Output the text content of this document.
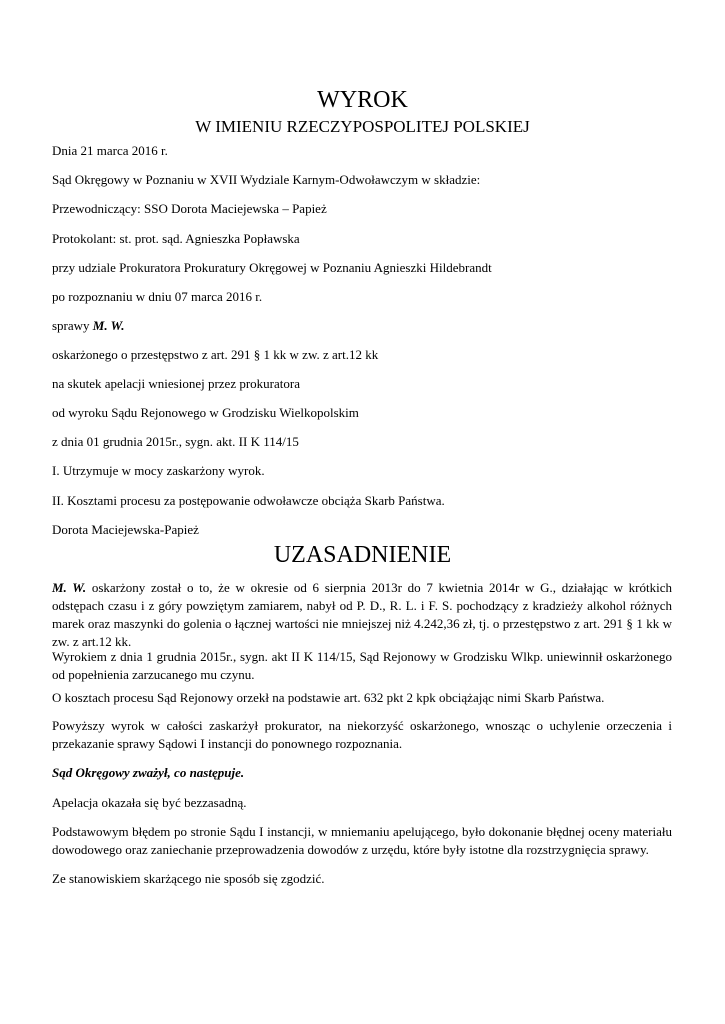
WYROK
W IMIENIU RZECZYPOSPOLITEJ POLSKIEJ
Dnia 21 marca 2016 r.
Sąd Okręgowy w Poznaniu w XVII Wydziale Karnym-Odwoławczym w składzie:
Przewodniczący: SSO Dorota Maciejewska – Papież
Protokolant: st. prot. sąd. Agnieszka Popławska
przy udziale Prokuratora Prokuratury Okręgowej w Poznaniu Agnieszki Hildebrandt
po rozpoznaniu w dniu 07 marca 2016 r.
sprawy M. W.
oskarżonego o przestępstwo z art. 291 § 1 kk w zw. z art.12 kk
na skutek apelacji wniesionej przez prokuratora
od wyroku Sądu Rejonowego w Grodzisku Wielkopolskim
z dnia 01 grudnia 2015r., sygn. akt. II K 114/15
I. Utrzymuje w mocy zaskarżony wyrok.
II. Kosztami procesu za postępowanie odwoławcze obciąża Skarb Państwa.
Dorota Maciejewska-Papież
UZASADNIENIE
M. W. oskarżony został o to, że w okresie od 6 sierpnia 2013r do 7 kwietnia 2014r w G., działając w krótkich odstępach czasu i z góry powziętym zamiarem, nabył od P. D., R. L. i F. S. pochodzący z kradzieży alkohol różnych marek oraz maszynki do golenia o łącznej wartości nie mniejszej niż 4.242,36 zł, tj. o przestępstwo z art. 291 § 1 kk w zw. z art.12 kk.
Wyrokiem z dnia 1 grudnia 2015r., sygn. akt II K 114/15, Sąd Rejonowy w Grodzisku Wlkp. uniewinnił oskarżonego od popełnienia zarzucanego mu czynu.
O kosztach procesu Sąd Rejonowy orzekł na podstawie art. 632 pkt 2 kpk obciążając nimi Skarb Państwa.
Powyższy wyrok w całości zaskarżył prokurator, na niekorzyść oskarżonego, wnosząc o uchylenie orzeczenia i przekazanie sprawy Sądowi I instancji do ponownego rozpoznania.
Sąd Okręgowy zważył, co następuje.
Apelacja okazała się być bezzasadną.
Podstawowym błędem po stronie Sądu I instancji, w mniemaniu apelującego, było dokonanie błędnej oceny materiału dowodowego oraz zaniechanie przeprowadzenia dowodów z urzędu, które były istotne dla rozstrzygnięcia sprawy.
Ze stanowiskiem skarżącego nie sposób się zgodzić.
